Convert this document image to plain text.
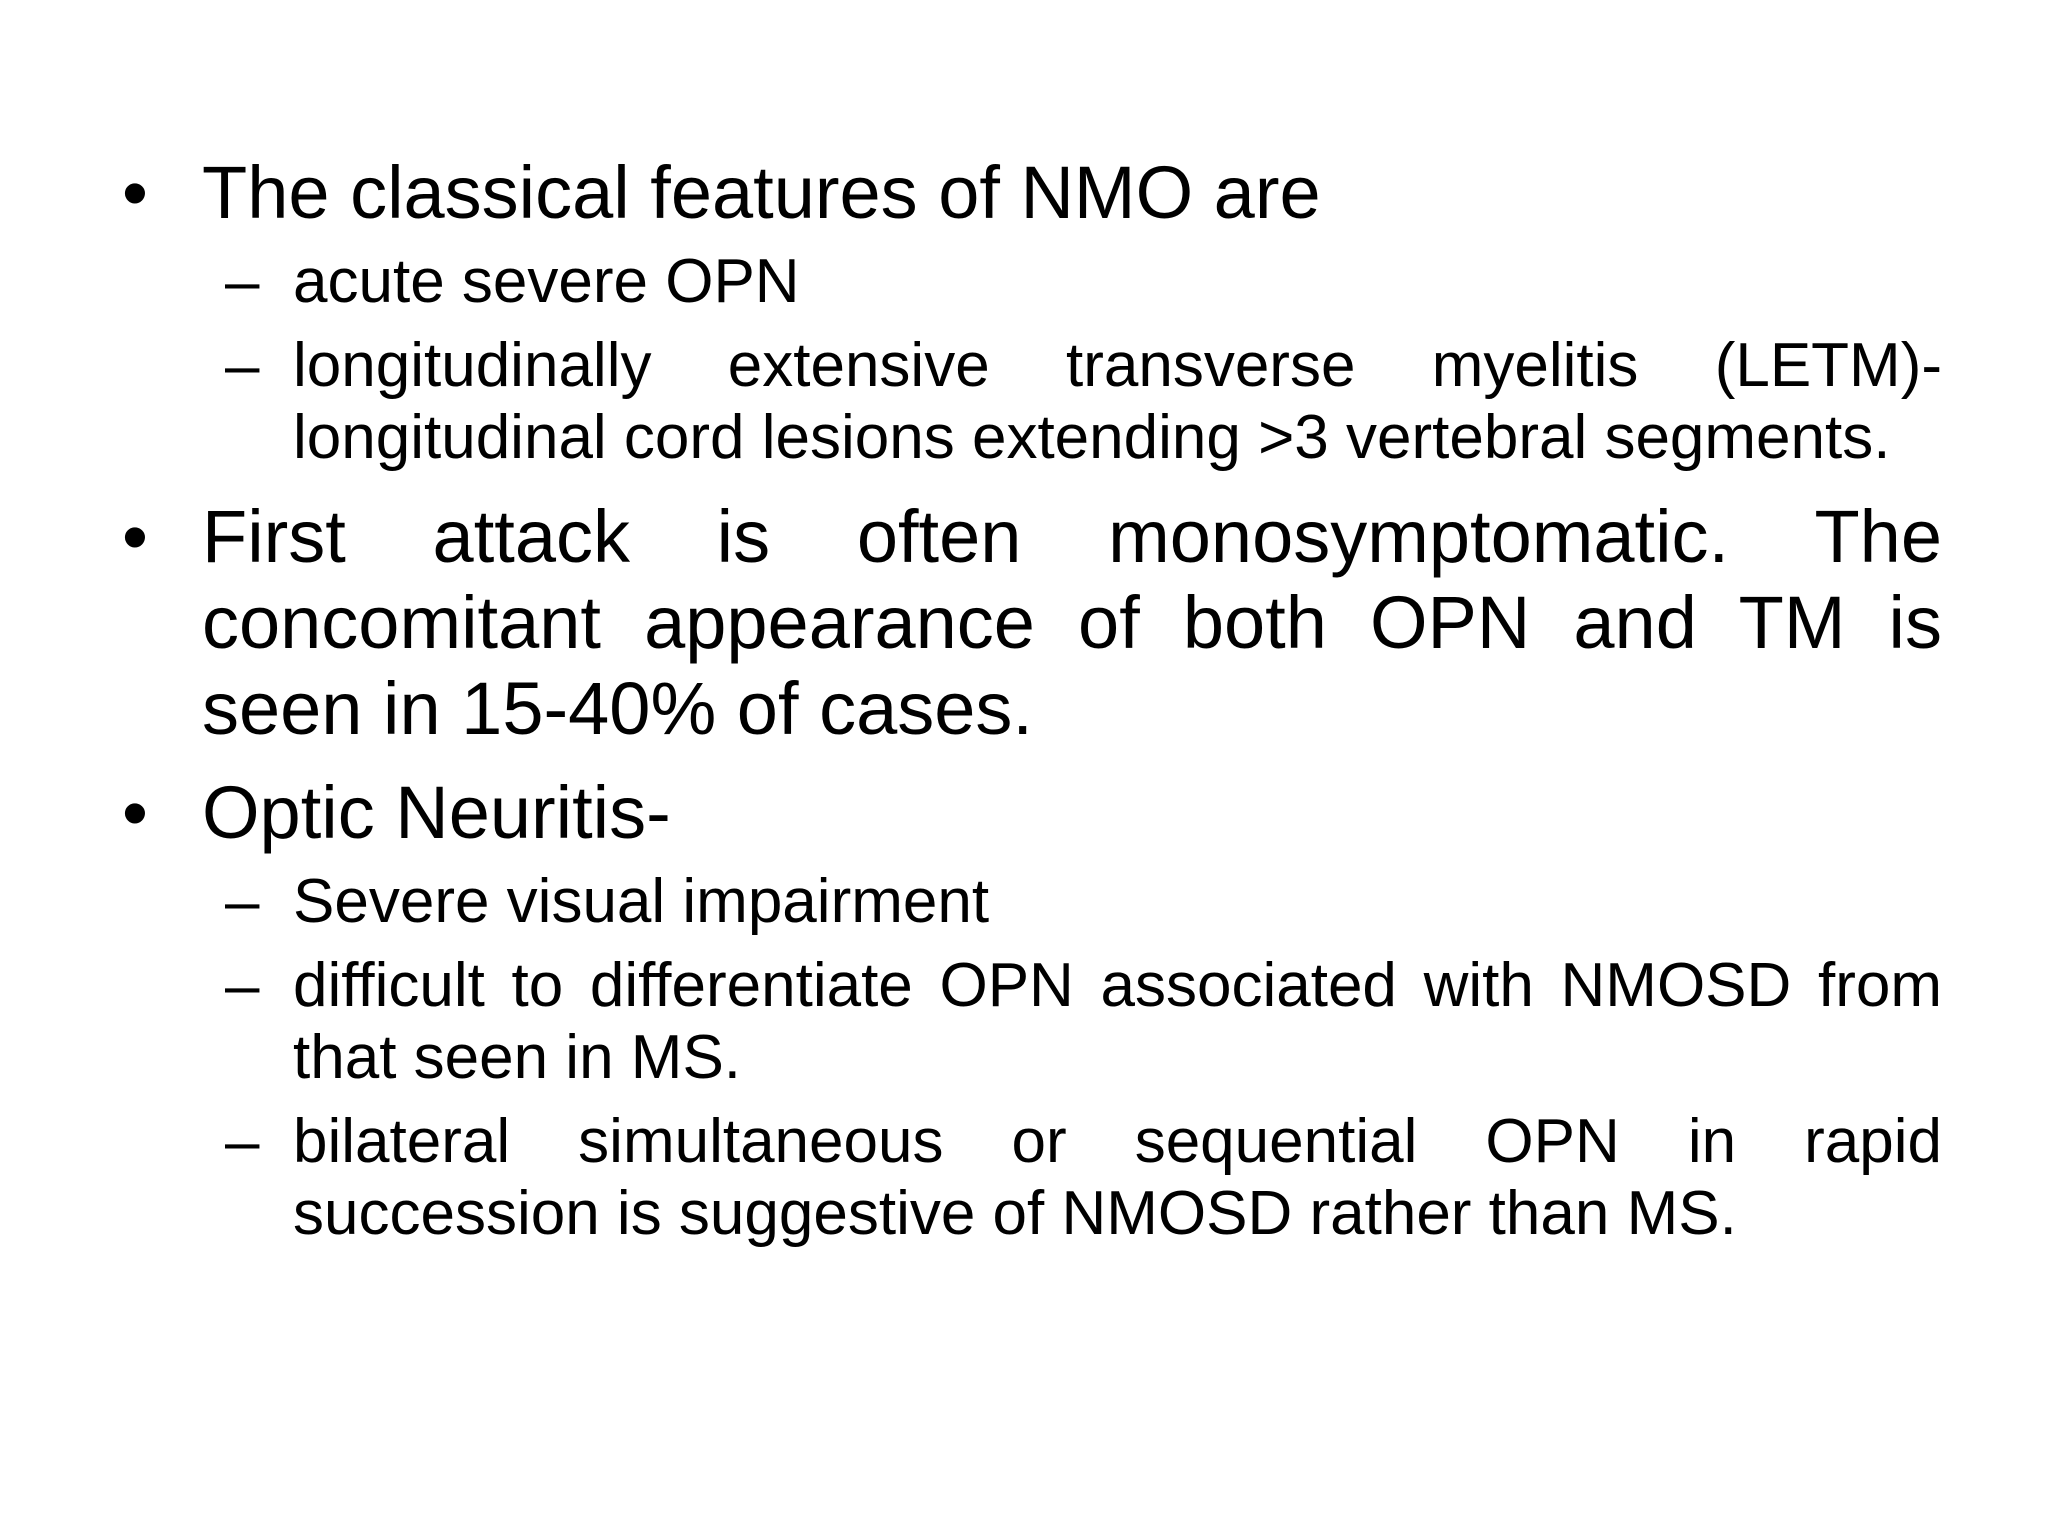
• The classical features of NMO are
– acute severe OPN
– longitudinally extensive transverse myelitis (LETM)- longitudinal cord lesions extending >3 vertebral segments.
• First attack is often monosymptomatic. The concomitant appearance of both OPN and TM is seen in 15-40% of cases.
• Optic Neuritis-
– Severe visual impairment
– difficult to differentiate OPN associated with NMOSD from that seen in MS.
– bilateral simultaneous or sequential OPN in rapid succession is suggestive of NMOSD rather than MS.
